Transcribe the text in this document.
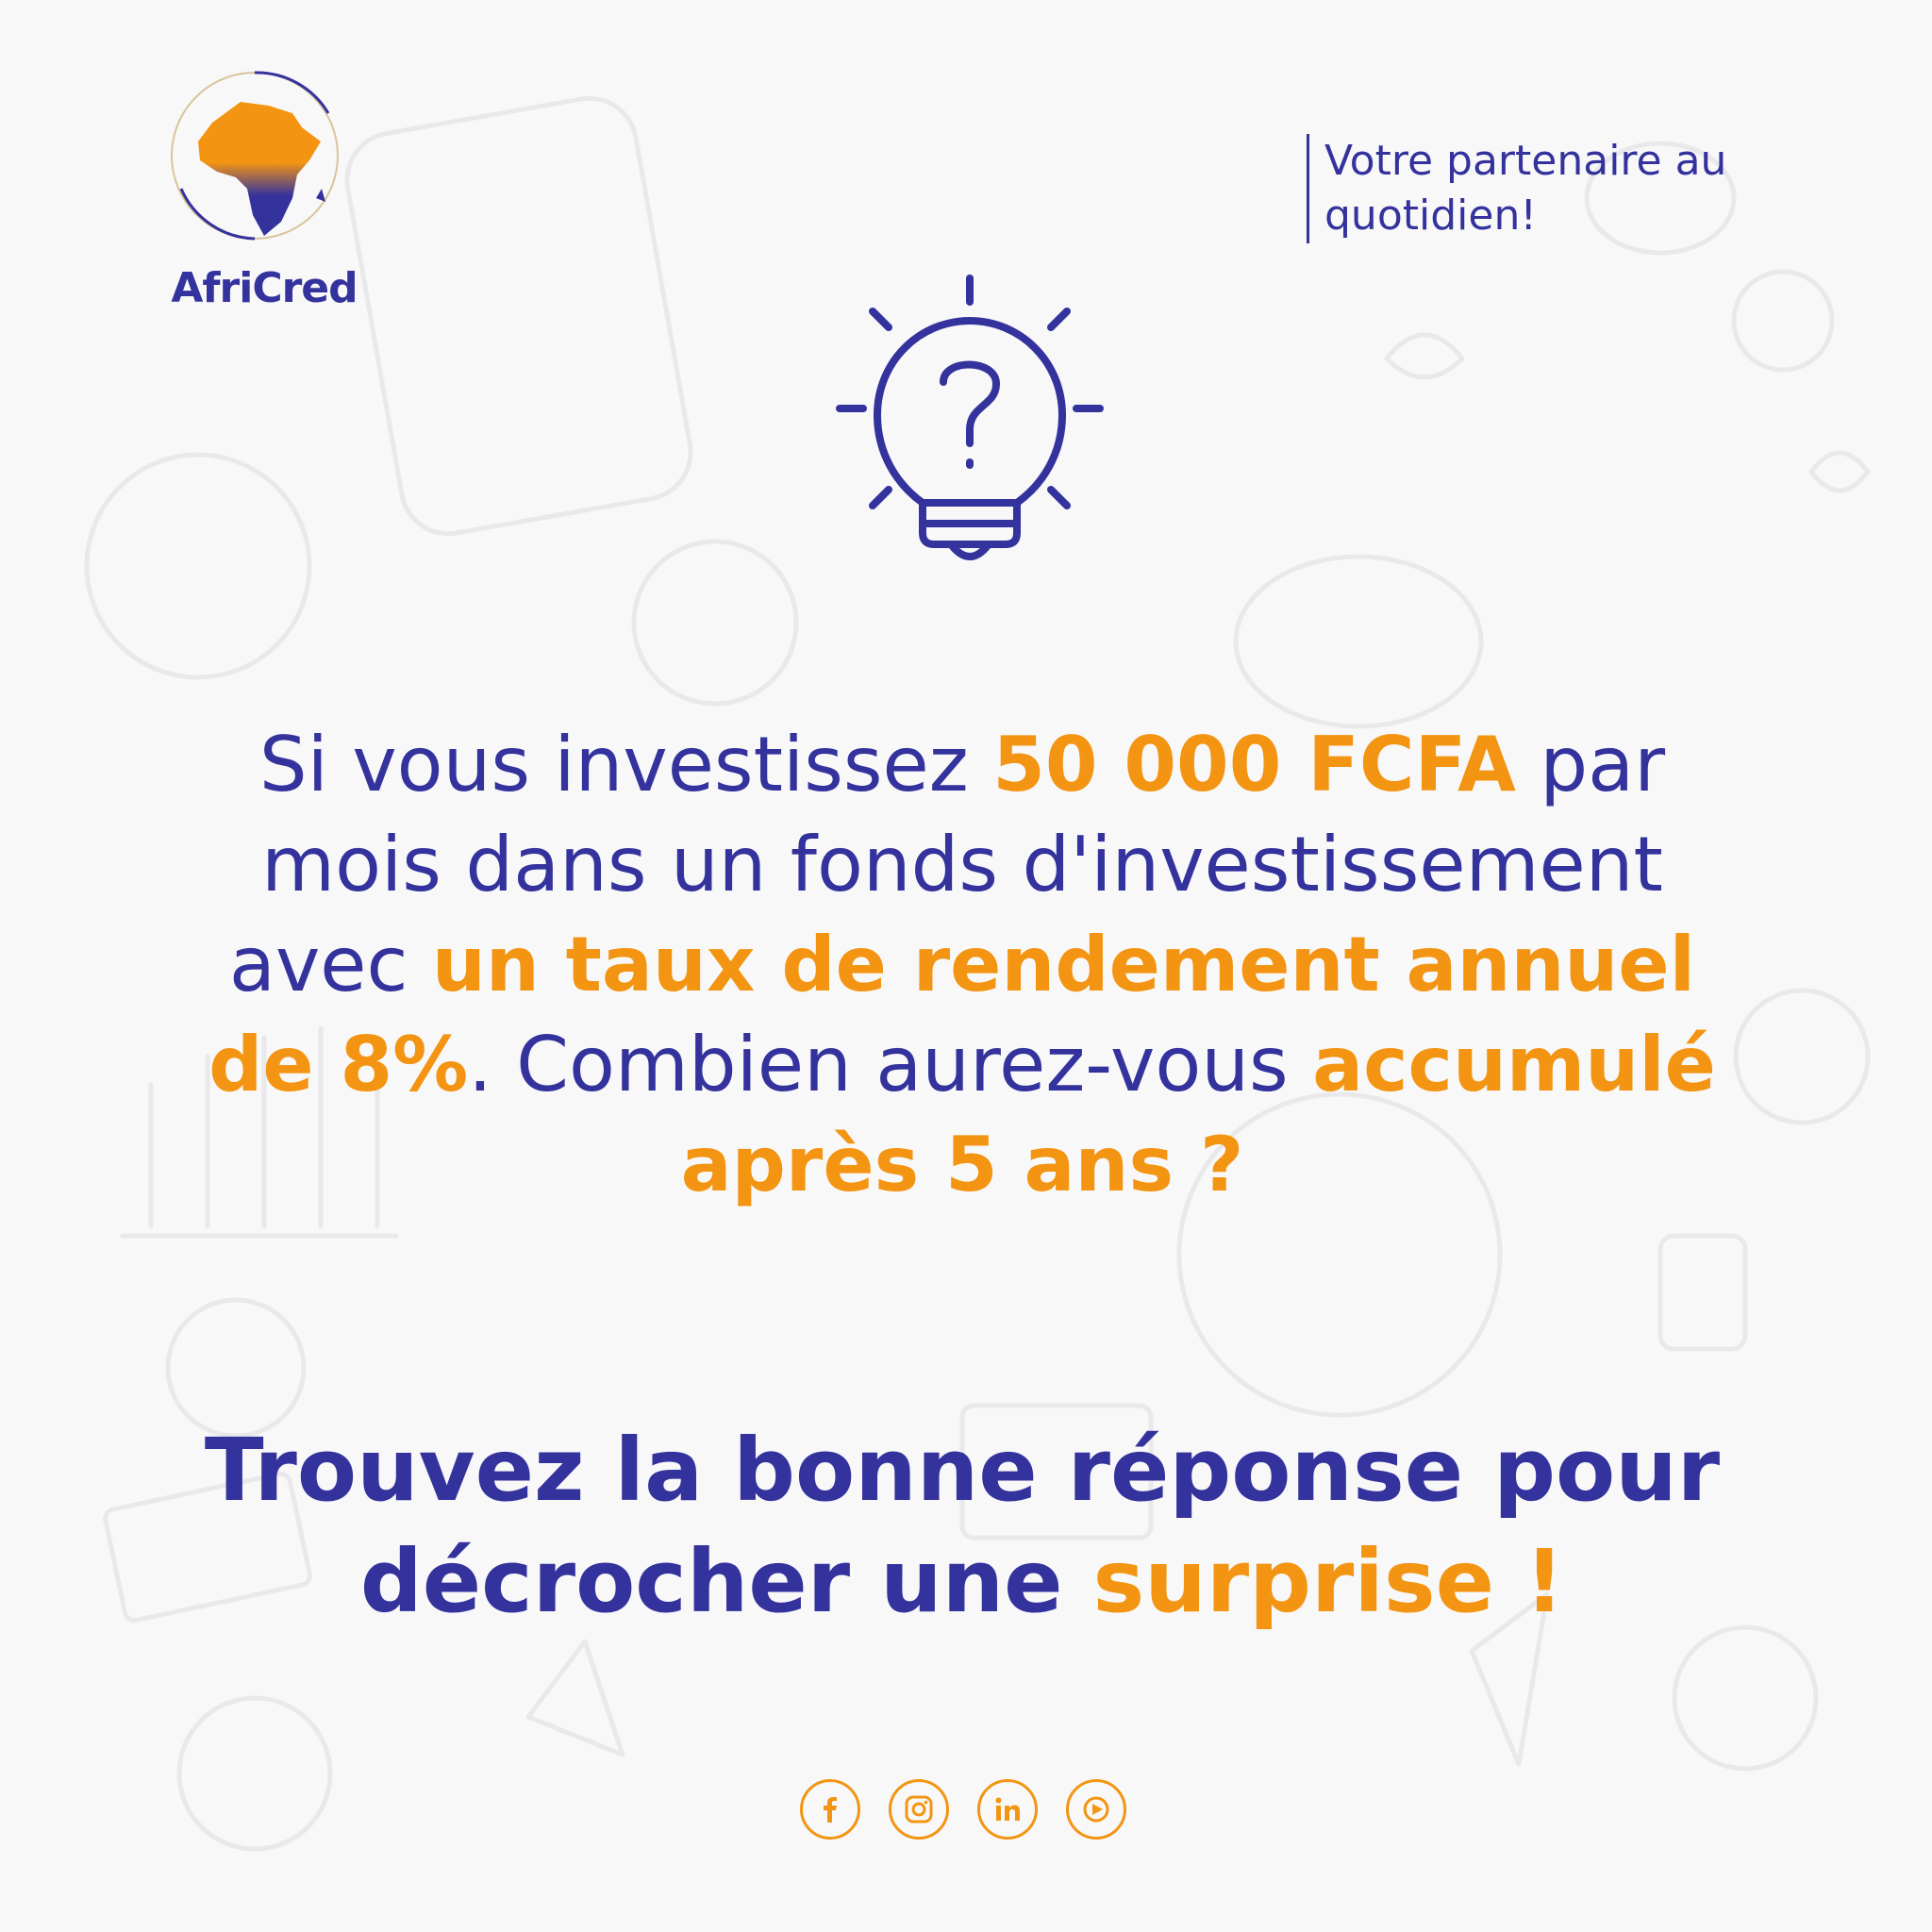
AfriCred
Votre partenaire au
quotidien!
Si vous investissez 50 000 FCFA par mois dans un fonds d'investissement avec un taux de rendement annuel de 8%. Combien aurez-vous accumulé après 5 ans ?
Trouvez la bonne réponse pour décrocher une surprise !
